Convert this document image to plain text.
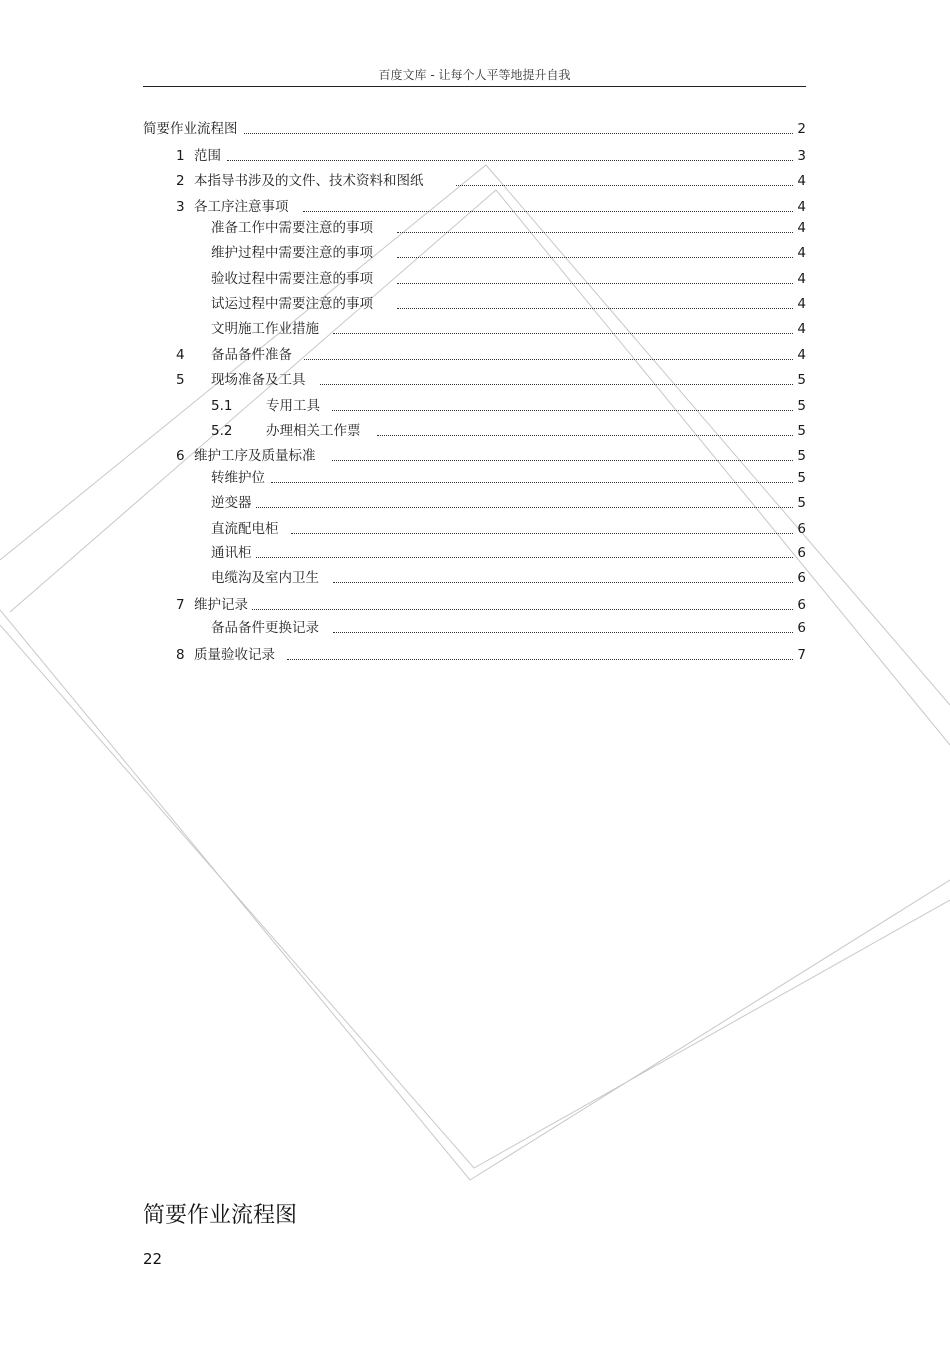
百度文库 - 让每个人平等地提升自我
简要作业流程图	2
1 范围	3
2 本指导书涉及的文件、技术资料和图纸	4
3 各工序注意事项	4
准备工作中需要注意的事项	4
维护过程中需要注意的事项	4
验收过程中需要注意的事项	4
试运过程中需要注意的事项	4
文明施工作业措施	4
4	备品备件准备	4
5	现场准备及工具	5
5.1	专用工具	5
5.2	办理相关工作票	5
6 维护工序及质量标准	5
转维护位	5
逆变器	5
直流配电柜	6
通讯柜	6
电缆沟及室内卫生	6
7 维护记录	6
备品备件更换记录	6
8 质量验收记录	7
简要作业流程图
22
